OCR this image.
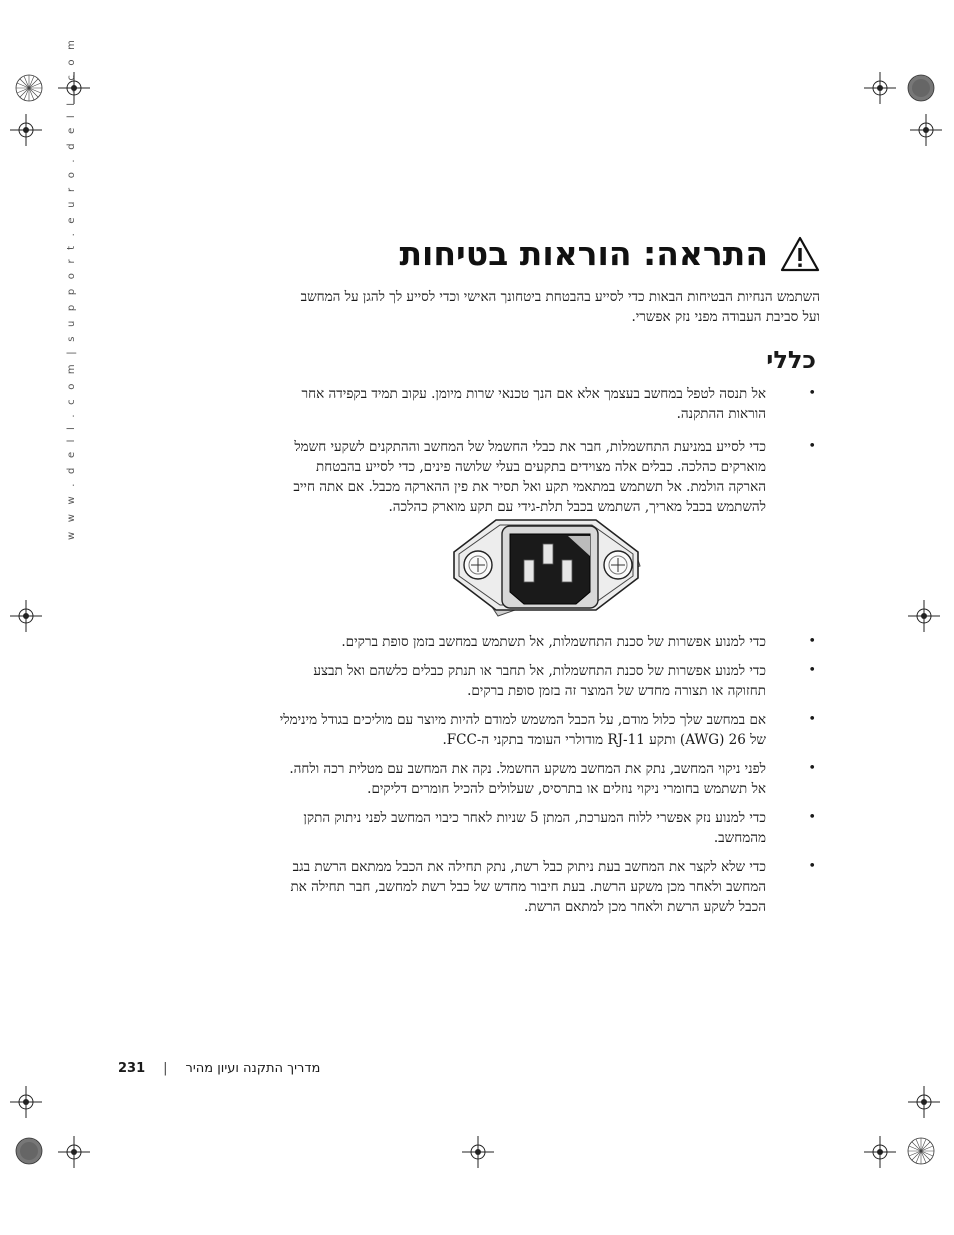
w w w . d e l l . c o m | s u p p o r t . e u r o . d e l l . c o m	התראה: הוראות בטיחות

השתמש הנחיות הבטיחות הבאות כדי לסייע בהבטחת ביטחונך האישי וכדי לסייע לך להגן על המחשב ועל סביבת העבודה מפני נזק אפשרי.

כללי
•
אל תנסה לטפל במחשב בעצמך אלא אם הנך טכנאי שרות מיומן. עקוב תמיד בקפידה אחר הוראות ההתקנה.
•
כדי לסייע במניעת התחשמלות, חבר את כבלי החשמל של המחשב וההתקנים לשקעי חשמל מוארקים כהלכה. כבלים אלה מצוידים בתקעים בעלי שלושה פינים, כדי לסייע בהבטחת הארקה הולמת. אל תשתמש במתאמי תקע ואל תסיר את פין ההארקה מכבל. אם אתה חייב להשתמש בכבל מאריך, השתמש בכבל תלת-גידי עם תקע מוארק כהלכה.
•
כדי למנוע אפשרות של סכנת התחשמלות, אל תשתמש במחשב בזמן סופת ברקים.
•
כדי למנוע אפשרות של סכנת התחשמלות, אל תחבר או תנתק כבלים כלשהם ואל תבצע תחזוקה או תצורה מחדש של המוצר זה בזמן סופת ברקים.
•
אם במחשב שלך כלול מודם, על הכבל המשמש למודם להיות מיוצר עם מוליכים בגודל מינימלי של 26 (AWG) ותקע RJ-11 מודולרי העומד בתקני ה-FCC.
•
לפני ניקוי המחשב, נתק את המחשב משקע החשמל. נקה את המחשב עם מטלית רכה ולחה. אל תשתמש בחומרי ניקוי נוזלים או בתרסיס, שעלולים להכיל חומרים דליקים.
•
כדי למנוע נזק אפשרי ללוח המערכת, המתן 5 שניות לאחר כיבוי המחשב לפני ניתוק התקן מהמחשב.
•
כדי שלא לקצר את המחשב בעת ניתוק כבל רשת, נתק תחילה את הכבל ממתאם הרשת בגב המחשב ולאחר מכן משקע הרשת. בעת חיבור מחדש של כבל רשת למחשב, חבר תחילה את הכבל לשקע הרשת ולאחר מכן למתאם הרשת.
231 | מדריך התקנה ועיון מהיר
